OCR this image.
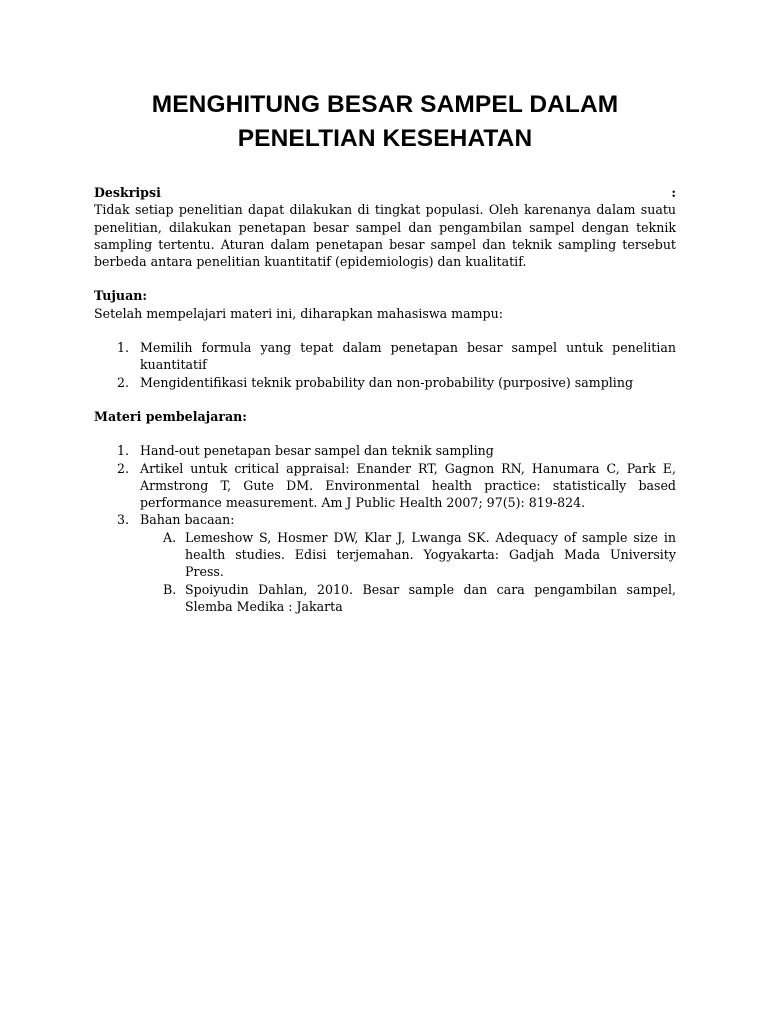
MENGHITUNG BESAR SAMPEL DALAM
PENELTIAN KESEHATAN
Deskripsi	:

Tidak setiap penelitian dapat dilakukan di tingkat populasi. Oleh karenanya dalam suatu penelitian, dilakukan penetapan besar sampel dan pengambilan sampel dengan teknik sampling tertentu. Aturan dalam penetapan besar sampel dan teknik sampling tersebut berbeda antara penelitian kuantitatif (epidemiologis) dan kualitatif.

Tujuan:

Setelah mempelajari materi ini, diharapkan mahasiswa mampu:

1. Memilih formula yang tepat dalam penetapan besar sampel untuk penelitian kuantitatif
2. Mengidentifikasi teknik probability dan non-probability (purposive) sampling
Materi pembelajaran:
1. Hand-out penetapan besar sampel dan teknik sampling
2. Artikel untuk critical appraisal: Enander RT, Gagnon RN, Hanumara C, Park E, Armstrong T, Gute DM. Environmental health practice: statistically based performance measurement. Am J Public Health 2007; 97(5): 819-824.
3. Bahan bacaan:
A. Lemeshow S, Hosmer DW, Klar J, Lwanga SK. Adequacy of sample size in health studies. Edisi terjemahan. Yogyakarta: Gadjah Mada University Press.
B. Spoiyudin Dahlan, 2010. Besar sample dan cara pengambilan sampel, Slemba Medika : Jakarta
